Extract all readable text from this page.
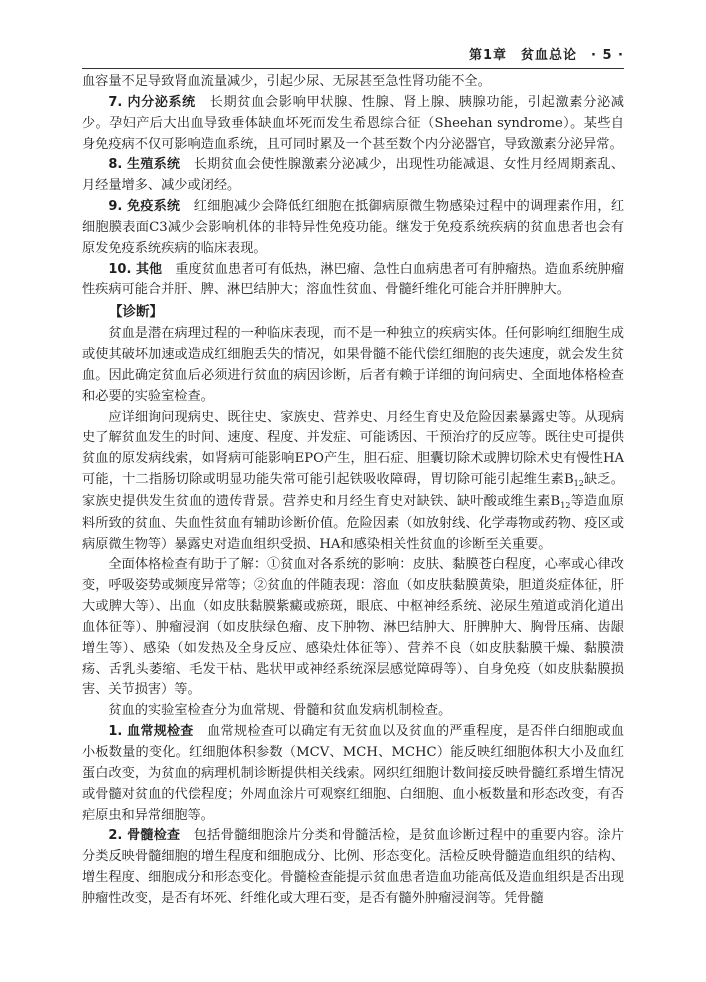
第1章　贫血总论　· 5 ·

血容量不足导致肾血流量减少，引起少尿、无尿甚至急性肾功能不全。

7. 内分泌系统　长期贫血会影响甲状腺、性腺、肾上腺、胰腺功能，引起激素分泌减少。孕妇产后大出血导致垂体缺血坏死而发生希恩综合征（Sheehan syndrome）。某些自身免疫病不仅可影响造血系统，且可同时累及一个甚至数个内分泌器官，导致激素分泌异常。

8. 生殖系统　长期贫血会使性腺激素分泌减少，出现性功能减退、女性月经周期紊乱、月经量增多、减少或闭经。

9. 免疫系统　红细胞减少会降低红细胞在抵御病原微生物感染过程中的调理素作用，红细胞膜表面C3减少会影响机体的非特异性免疫功能。继发于免疫系统疾病的贫血患者也会有原发免疫系统疾病的临床表现。

10. 其他　重度贫血患者可有低热，淋巴瘤、急性白血病患者可有肿瘤热。造血系统肿瘤性疾病可能合并肝、脾、淋巴结肿大；溶血性贫血、骨髓纤维化可能合并肝脾肿大。

【诊断】

贫血是潜在病理过程的一种临床表现，而不是一种独立的疾病实体。任何影响红细胞生成或使其破坏加速或造成红细胞丢失的情况，如果骨髓不能代偿红细胞的丧失速度，就会发生贫血。因此确定贫血后必须进行贫血的病因诊断，后者有赖于详细的询问病史、全面地体格检查和必要的实验室检查。

应详细询问现病史、既往史、家族史、营养史、月经生育史及危险因素暴露史等。从现病史了解贫血发生的时间、速度、程度、并发症、可能诱因、干预治疗的反应等。既往史可提供贫血的原发病线索，如肾病可能影响EPO产生，胆石症、胆囊切除术或脾切除术史有慢性HA可能，十二指肠切除或明显功能失常可能引起铁吸收障碍，胃切除可能引起维生素$B_{12}$缺乏。家族史提供发生贫血的遗传背景。营养史和月经生育史对缺铁、缺叶酸或维生素$B_{12}$等造血原料所致的贫血、失血性贫血有辅助诊断价值。危险因素（如放射线、化学毒物或药物、疫区或病原微生物等）暴露史对造血组织受损、HA和感染相关性贫血的诊断至关重要。

全面体格检查有助于了解：①贫血对各系统的影响：皮肤、黏膜苍白程度，心率或心律改变，呼吸姿势或频度异常等；②贫血的伴随表现：溶血（如皮肤黏膜黄染，胆道炎症体征，肝大或脾大等）、出血（如皮肤黏膜紫癜或瘀斑，眼底、中枢神经系统、泌尿生殖道或消化道出血体征等）、肿瘤浸润（如皮肤绿色瘤、皮下肿物、淋巴结肿大、肝脾肿大、胸骨压痛、齿龈增生等）、感染（如发热及全身反应、感染灶体征等）、营养不良（如皮肤黏膜干燥、黏膜溃疡、舌乳头萎缩、毛发干枯、匙状甲或神经系统深层感觉障碍等）、自身免疫（如皮肤黏膜损害、关节损害）等。

贫血的实验室检查分为血常规、骨髓和贫血发病机制检查。

1. 血常规检查　血常规检查可以确定有无贫血以及贫血的严重程度，是否伴白细胞或血小板数量的变化。红细胞体积参数（MCV、MCH、MCHC）能反映红细胞体积大小及血红蛋白改变，为贫血的病理机制诊断提供相关线索。网织红细胞计数间接反映骨髓红系增生情况或骨髓对贫血的代偿程度；外周血涂片可观察红细胞、白细胞、血小板数量和形态改变，有否疟原虫和异常细胞等。

2. 骨髓检查　包括骨髓细胞涂片分类和骨髓活检，是贫血诊断过程中的重要内容。涂片分类反映骨髓细胞的增生程度和细胞成分、比例、形态变化。活检反映骨髓造血组织的结构、增生程度、细胞成分和形态变化。骨髓检查能提示贫血患者造血功能高低及造血组织是否出现肿瘤性改变，是否有坏死、纤维化或大理石变，是否有髓外肿瘤浸润等。凭骨髓
